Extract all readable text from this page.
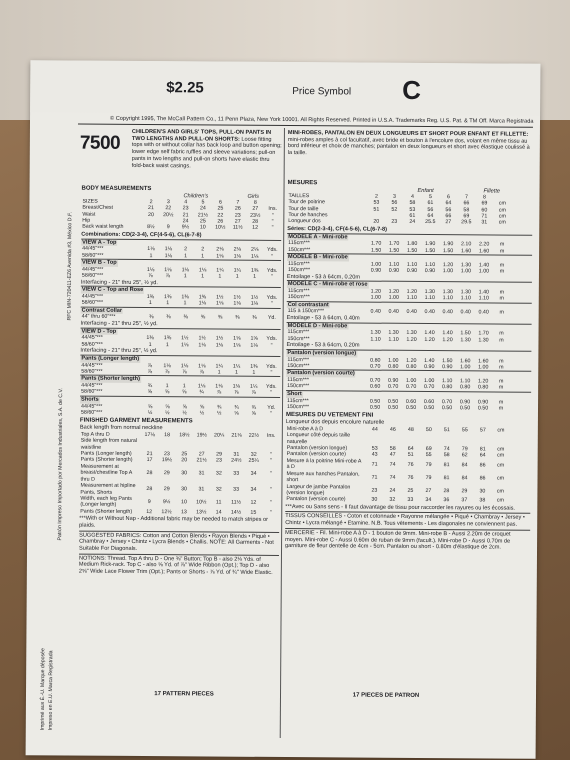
$2.25	Price Symbol C
© Copyright 1995, The McCall Pattern Co., 11 Penn Plaza, New York 10001. All Rights Reserved. Printed in U.S.A. Trademarks Reg. U.S. Pat. & TM Off. Marca Registrada
Imprimé aux É.-U. Marque déposée Impreso en E.U. Marca Registrada
Patrón Impreso Importado por Mercados Industriales, S.A. de C.V.
RFC MIN-720411-EZ6 Avenida #3, México D.F.
7500
CHILDREN'S AND GIRLS' TOPS, PULL-ON PANTS IN TWO LENGTHS AND PULL-ON SHORTS: Loose fitting tops with or without collar has back loop and button opening; lower edge self fabric ruffles and sleeve variations; pull-on pants in two lengths and pull-on shorts have elastic thru fold-back waist casings.
BODY MEASUREMENTS
Children's	Girls
SIZES	2	3	4	5	6	7	8	
Breast/Chest	21	22	23	24	25	26	27	Ins.
Waist	20	20½	21	21½	22	23	23½	"
Hip			24	25	26	27	28	"
Back waist length	8½	9	9½	10	10½	11½	12	"
Combinations: CD(2-3-4), CF(4-5-6), CL(6-7-8)
VIEW A - Top
44/45"***	1⅛	1⅛	2	2	2⅛	2⅛	2⅛	Yds.
58/60"***	1	1⅛	1	1	1⅛	1⅛	1⅛	"
VIEW B - Top
44/45"***	1⅛	1⅛	1⅛	1⅛	1¼	1¼	1⅜	Yds.
58/60"***	⅞	⅞	1	1	1	1	1	"
Interfacing - 21" thru 25", ½ yd.
VIEW C - Top and Rose
44/45"***	1⅜	1⅜	1⅜	1⅜	1½	1½	1½	Yds.
58/60"***	1	1	1	1⅛	1⅛	1⅛	1⅛	"
Contrast Collar
44" thru 60"***	⅜	⅜	⅜	⅜	⅜	⅜	⅜	Yd.
Interfacing - 21" thru 25", ½ yd.
VIEW D - Top
44/45"***	1⅜	1⅜	1½	1½	1½	1⅝	1⅝	Yds.
58/60"***	1	1	1⅛	1⅛	1⅛	1⅛	1⅛	"
Interfacing - 21" thru 25", ½ yd.
Pants (Longer length)
44/45"***	⅞	1⅛	1⅛	1⅛	1¼	1¼	1⅜	Yds.
58/60"***	⅞	⅞	⅞	⅞	1	1	1	"
Pants (Shorter length)
44/45"***	¾	1	1	1⅛	1⅛	1⅛	1¼	Yds.
58/60"***	⅝	⅝	⅝	¾	⅞	⅞	⅞	"
Shorts
44/45"***	⅝	⅝	⅝	⅝	¾	¾	¾	Yd.
58/60"***	½	½	½	½	½	⅝	⅝	"
FINISHED GARMENT MEASUREMENTS
Back length from normal neckline
Top A thru D	17⅛	18	18½	19½	20¼	21⅛	22½	Ins.
Side length from natural waistline								
Pants (Longer length)	21	23	25	27	29	31	32	"
Pants (Shorter length)	17	19½	20	21½	23	24½	25¼	"
Measurement at breast/chestline Top A thru D	28	29	30	31	32	33	34	"
Measurement at hipline Pants, Shorts	28	29	30	31	32	33	34	"
Width, each leg Pants (Longer length)	9	9½	10	10½	11	11½	12	"
Pants (Shorter length)	12	12½	13	13½	14	14½	15	"
***With or Without Nap - Additional fabric may be needed to match stripes or plaids.
SUGGESTED FABRICS: Cotton and Cotton Blends • Rayon Blends • Piqué • Chambray • Jersey • Chintz • Lycra Blends • Challis. NOTE: All Garments - Not Suitable For Diagonals.
NOTIONS: Thread. Top A thru D - One ⅜" Button; Top B - also 2⅛ Yds. of Medium Rick-rack. Top C - also ⅝ Yd. of ⅞" Wide Ribbon (Opt.); Top D - also 2⅝" Wide Lace Flower Trim (Opt.); Pants or Shorts - ⅞ Yd. of ¾" Wide Elastic.
17 PATTERN PIECES
MINI-ROBES, PANTALON EN DEUX LONGUEURS ET SHORT POUR ENFANT ET FILLETTE: mini-robes amples à col facultatif, avec bride et bouton à l'encolure dos, volant en même tissu au bord inférieur et choix de manches; pantalon en deux longueurs et short avec élastique coulissé à la taille.
MESURES
Enfant	Fillette
TAILLES	2	3	4	5	6	7	8	
Tour de poitrine	53	56	58	61	64	66	69	cm
Tour de taille	51	52	53	56	56	58	60	cm
Tour de hanches			61	64	66	69	71	cm
Longueur dos	20	23	24	25.5	27	29.5	31	cm
Séries: CD(2-3-4), CF(4-5-6), CL(6-7-8)
MODELE A - Mini-robe
115cm***	1.70	1.70	1.80	1.90	1.90	2.10	2.20	m
150cm***	1.50	1.50	1.50	1.50	1.50	1.60	1.60	m
MODELE B - Mini-robe
115cm***	1.00	1.10	1.10	1.10	1.20	1.30	1.40	m
150cm***	0.90	0.90	0.90	0.90	1.00	1.00	1.00	m
Entoilage - 53 à 64cm, 0.20m
MODELE C - Mini-robe et rose
115cm***	1.20	1.20	1.20	1.30	1.30	1.30	1.40	m
150cm***	1.00	1.00	1.10	1.10	1.10	1.10	1.10	m
Col contrastant
115 à 150cm***	0.40	0.40	0.40	0.40	0.40	0.40	0.40	m
Entoilage - 53 à 64cm, 0.40m
MODELE D - Mini-robe
115cm***	1.30	1.30	1.30	1.40	1.40	1.50	1.70	m
150cm***	1.10	1.10	1.20	1.20	1.20	1.30	1.30	m
Entoilage - 53 à 64cm, 0.20m
Pantalon (version longue)
115cm***	0.80	1.00	1.20	1.40	1.50	1.60	1.60	m
150cm***	0.70	0.80	0.80	0.90	0.90	1.00	1.00	m
Pantalon (version courte)
115cm***	0.70	0.90	1.00	1.00	1.10	1.10	1.20	m
150cm***	0.60	0.70	0.70	0.70	0.80	0.80	0.80	m
Short
115cm***	0.50	0.50	0.60	0.60	0.70	0.90	0.90	m
150cm***	0.50	0.50	0.50	0.50	0.50	0.50	0.50	m
MESURES DU VETEMENT FINI
Longueur dos depuis encolure naturelle
Mini-robe A à D	44	46	48	50	51	55	57	cm
Longueur côté depuis taille naturelle								
Pantalon (version longue)	53	58	64	69	74	79	81	cm
Pantalon (version courte)	43	47	51	55	58	62	64	cm
Mesure à la poitrine Mini-robe A à D	71	74	76	79	81	84	86	cm
Mesure aux hanches Pantalon, short	71	74	76	79	81	84	86	cm
Largeur de jambe Pantalon (version longue)	23	24	25	27	28	29	30	cm
Pantalon (version courte)	30	32	33	34	36	37	38	cm
***Avec ou Sans sens - Il faut davantage de tissu pour raccorder les rayures ou les écossais.
TISSUS CONSEILLES - Coton et cotonnade • Rayonne mélangée • Piqué • Chambray • Jersey • Chintz • Lycra mélangé • Etamine. N.B. Tous vêtements - Les diagonales ne conviennent pas.
MERCERIE - Fil. Mini-robe A à D - 1 bouton de 9mm. Mini-robe B - Aussi 2.20m de croquet moyen. Mini-robe C - Aussi 0.60m de ruban de 9mm (facult.). Mini-robe D - Aussi 0.70m de garniture de fleur dentelle de 4cm - 5cm. Pantalon ou short - 0.80m d'élastique de 2cm.
17 PIECES DE PATRON
